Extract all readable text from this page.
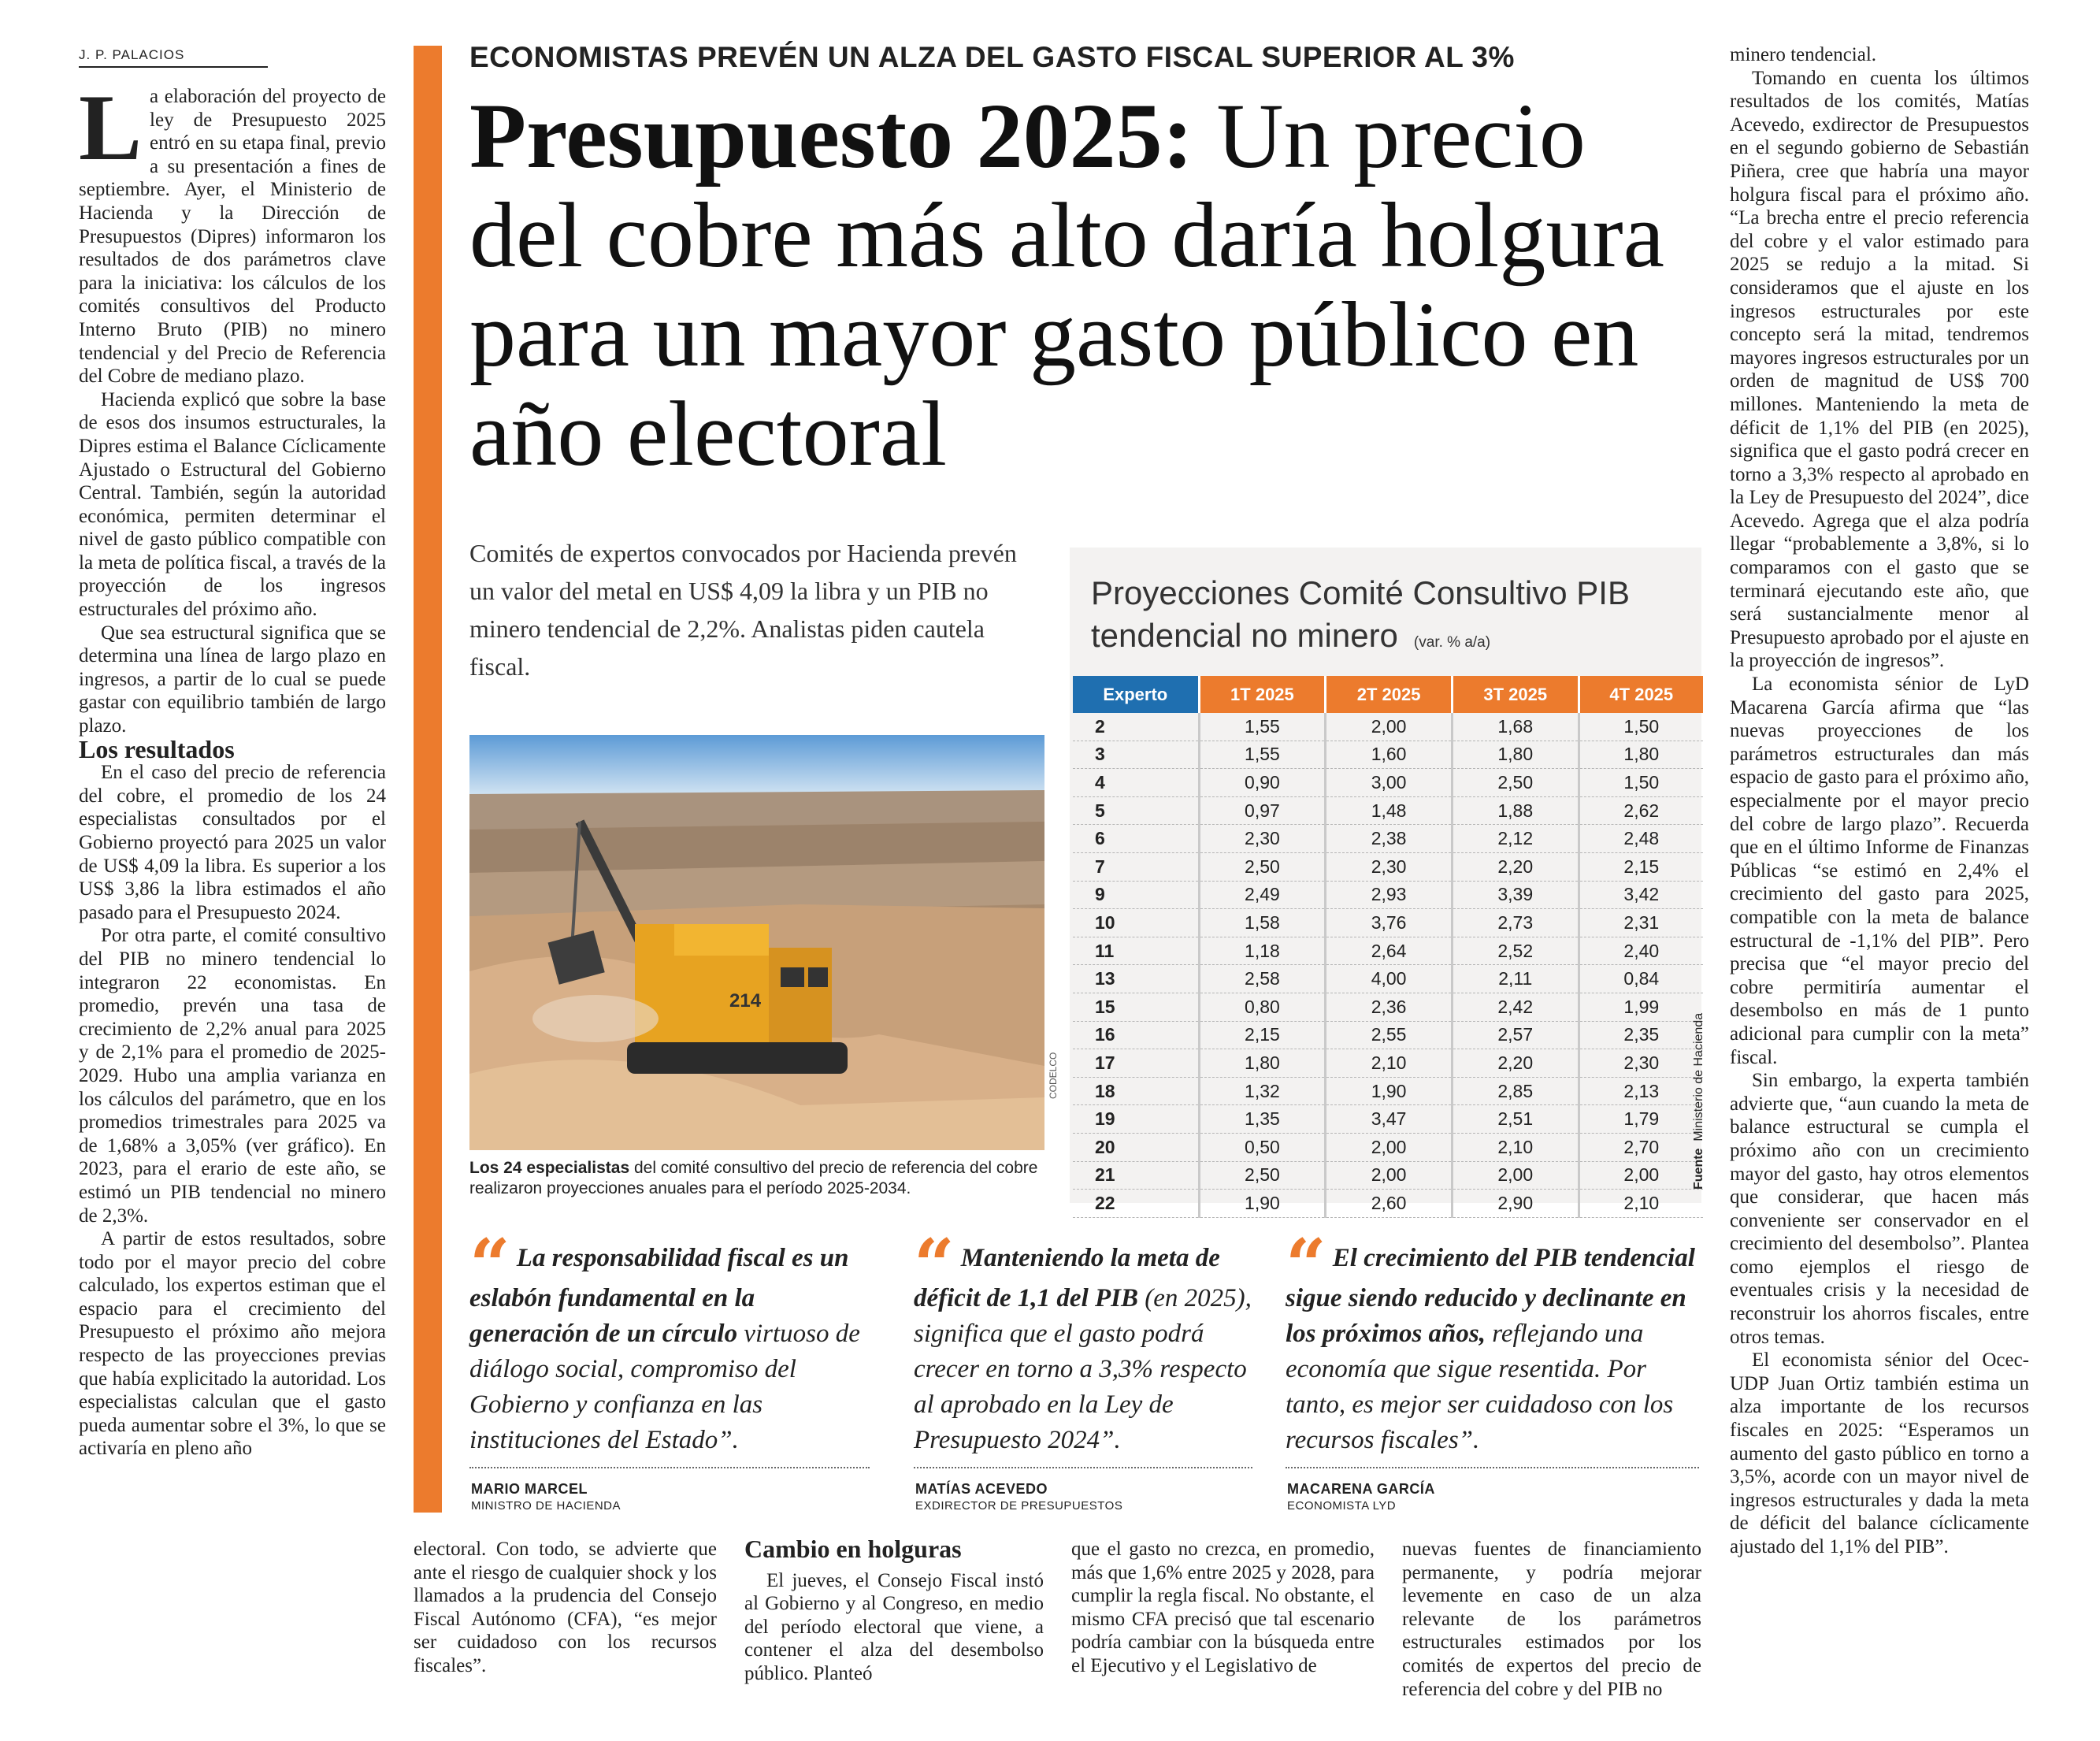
J. P. PALACIOS

La elaboración del proyecto de ley de Presupuesto 2025 entró en su etapa final, previo a su presentación a fines de septiembre. Ayer, el Ministerio de Hacienda y la Dirección de Presupuestos (Dipres) informaron los resultados de dos parámetros clave para la iniciativa: los cálculos de los comités consultivos del Producto Interno Bruto (PIB) no minero tendencial y del Precio de Referencia del Cobre de mediano plazo.

Hacienda explicó que sobre la base de esos dos insumos estructurales, la Dipres estima el Balance Cíclicamente Ajustado o Estructural del Gobierno Central. También, según la autoridad económica, permiten determinar el nivel de gasto público compatible con la meta de política fiscal, a través de la proyección de los ingresos estructurales del próximo año.

Que sea estructural significa que se determina una línea de largo plazo en ingresos, a partir de lo cual se puede gastar con equilibrio también de largo plazo.

Los resultados

En el caso del precio de referencia del cobre, el promedio de los 24 especialistas consultados por el Gobierno proyectó para 2025 un valor de US$ 4,09 la libra. Es superior a los US$ 3,86 la libra estimados el año pasado para el Presupuesto 2024.

Por otra parte, el comité consultivo del PIB no minero tendencial lo integraron 22 economistas. En promedio, prevén una tasa de crecimiento de 2,2% anual para 2025 y de 2,1% para el promedio de 2025-2029. Hubo una amplia varianza en los cálculos del parámetro, que en los promedios trimestrales para 2025 va de 1,68% a 3,05% (ver gráfico). En 2023, para el erario de este año, se estimó un PIB tendencial no minero de 2,3%.

A partir de estos resultados, sobre todo por el mayor precio del cobre calculado, los expertos estiman que el espacio para el crecimiento del Presupuesto el próximo año mejora respecto de las proyecciones previas que había explicitado la autoridad. Los especialistas calculan que el gasto pueda aumentar sobre el 3%, lo que se activaría en pleno año

ECONOMISTAS PREVÉN UN ALZA DEL GASTO FISCAL SUPERIOR AL 3%
Presupuesto 2025: Un precio del cobre más alto daría holgura para un mayor gasto público en año electoral
Comités de expertos convocados por Hacienda prevén un valor del metal en US$ 4,09 la libra y un PIB no minero tendencial de 2,2%. Analistas piden cautela fiscal.
214
CODELCO
Los 24 especialistas del comité consultivo del precio de referencia del cobre realizaron proyecciones anuales para el período 2025-2034.
Proyecciones Comité Consultivo PIB
tendencial no minero (var. % a/a)
Experto	1T 2025	2T 2025	3T 2025	4T 2025
2	1,55	2,00	1,68	1,50
3	1,55	1,60	1,80	1,80
4	0,90	3,00	2,50	1,50
5	0,97	1,48	1,88	2,62
6	2,30	2,38	2,12	2,48
7	2,50	2,30	2,20	2,15
9	2,49	2,93	3,39	3,42
10	1,58	3,76	2,73	2,31
11	1,18	2,64	2,52	2,40
13	2,58	4,00	2,11	0,84
15	0,80	2,36	2,42	1,99
16	2,15	2,55	2,57	2,35
17	1,80	2,10	2,20	2,30
18	1,32	1,90	2,85	2,13
19	1,35	3,47	2,51	1,79
20	0,50	2,00	2,10	2,70
21	2,50	2,00	2,00	2,00
22	1,90	2,60	2,90	2,10
Fuente  Ministerio de Hacienda
“ La responsabilidad fiscal es un eslabón fundamental en la generación de un círculo virtuoso de diálogo social, compromiso del Gobierno y confianza en las instituciones del Estado”.
MARIO MARCEL
MINISTRO DE HACIENDA
“ Manteniendo la meta de déficit de 1,1 del PIB (en 2025), significa que el gasto podrá crecer en torno a 3,3% respecto al aprobado en la Ley de Presupuesto 2024”.
MATÍAS ACEVEDO
EXDIRECTOR DE PRESUPUESTOS
“ El crecimiento del PIB tendencial sigue siendo reducido y declinante en los próximos años, reflejando una economía que sigue resentida. Por tanto, es mejor ser cuidadoso con los recursos fiscales”.
MACARENA GARCÍA
ECONOMISTA LYD

electoral. Con todo, se advierte que ante el riesgo de cualquier shock y los llamados a la prudencia del Consejo Fiscal Autónomo (CFA), “es mejor ser cuidadoso con los recursos fiscales”.

Cambio en holguras

El jueves, el Consejo Fiscal instó al Gobierno y al Congreso, en medio del período electoral que viene, a contener el alza del desembolso público. Planteó

que el gasto no crezca, en promedio, más que 1,6% entre 2025 y 2028, para cumplir la regla fiscal. No obstante, el mismo CFA precisó que tal escenario podría cambiar con la búsqueda entre el Ejecutivo y el Legislativo de

nuevas fuentes de financiamiento permanente, y podría mejorar levemente en caso de un alza relevante de los parámetros estructurales estimados por los comités de expertos del precio de referencia del cobre y del PIB no

minero tendencial.

Tomando en cuenta los últimos resultados de los comités, Matías Acevedo, exdirector de Presupuestos en el segundo gobierno de Sebastián Piñera, cree que habría una mayor holgura fiscal para el próximo año. “La brecha entre el precio referencia del cobre y el valor estimado para 2025 se redujo a la mitad. Si consideramos que el ajuste en los ingresos estructurales por este concepto será la mitad, tendremos mayores ingresos estructurales por un orden de magnitud de US$ 700 millones. Manteniendo la meta de déficit de 1,1% del PIB (en 2025), significa que el gasto podrá crecer en torno a 3,3% respecto al aprobado en la Ley de Presupuesto del 2024”, dice Acevedo. Agrega que el alza podría llegar “probablemente a 3,8%, si lo comparamos con el gasto que se terminará ejecutando este año, que será sustancialmente menor al Presupuesto aprobado por el ajuste en la proyección de ingresos”.

La economista sénior de LyD Macarena García afirma que “las nuevas proyecciones de los parámetros estructurales dan más espacio de gasto para el próximo año, especialmente por el mayor precio del cobre de largo plazo”. Recuerda que en el último Informe de Finanzas Públicas “se estimó en 2,4% el crecimiento del gasto para 2025, compatible con la meta de balance estructural de -1,1% del PIB”. Pero precisa que “el mayor precio del cobre permitiría aumentar el desembolso en más de 1 punto adicional para cumplir con la meta” fiscal.

Sin embargo, la experta también advierte que, “aun cuando la meta de balance estructural se cumpla el próximo año con un crecimiento mayor del gasto, hay otros elementos que considerar, que hacen más conveniente ser conservador en el crecimiento del desembolso”. Plantea como ejemplos el riesgo de eventuales crisis y la necesidad de reconstruir los ahorros fiscales, entre otros temas.

El economista sénior del Ocec-UDP Juan Ortiz también estima un alza importante de los recursos fiscales en 2025: “Esperamos un aumento del gasto público en torno a 3,5%, acorde con un mayor nivel de ingresos estructurales y dada la meta de déficit del balance cíclicamente ajustado del 1,1% del PIB”.
